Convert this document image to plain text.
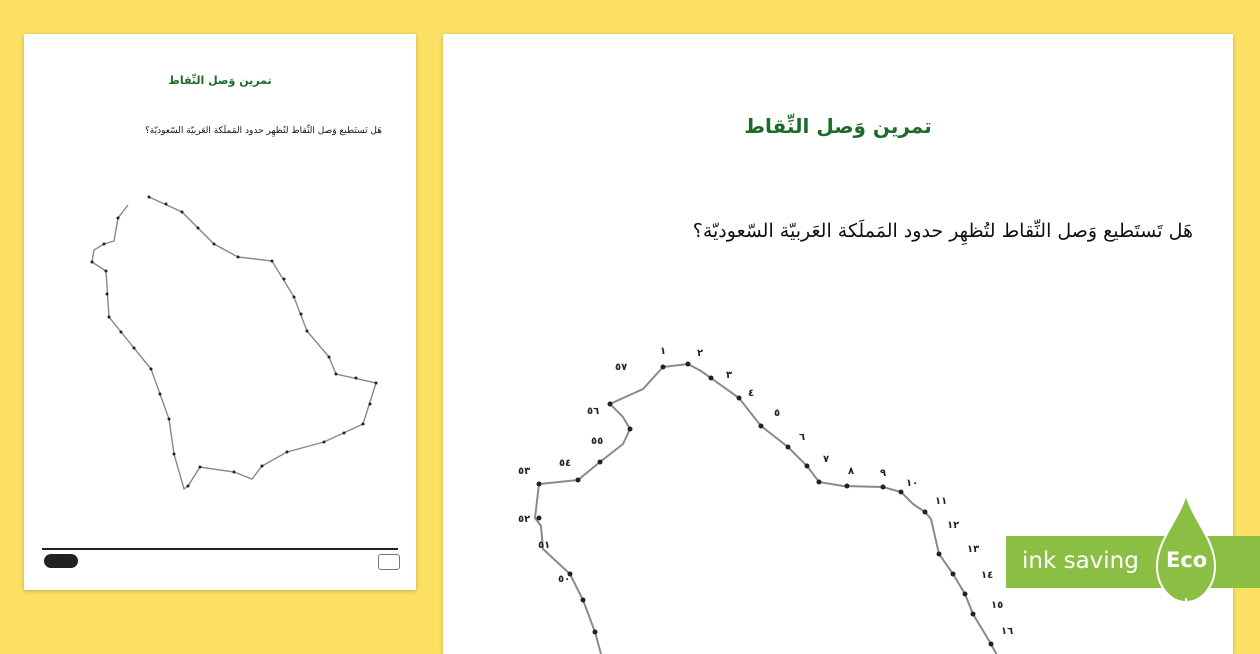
تمرين وَصل النِّقاط
هَل تَستَطيع وَصل النِّقاط لتُظهِر حدود المَملَكة العَربيّة السّعوديّة؟	تمرين وَصل النِّقاط
هَل تَستَطيع وَصل النِّقاط لتُظهِر حدود المَملَكة العَربيّة السّعوديّة؟
١	٢
٣
٤
٥
٦
٧
٨	٩
١٠
١١
١٢
١٣
١٤
١٥
١٦
٥٧
٥٦
٥٥
٥٤
٥٣
٥٢
٥١
٥٠
ink saving Eco
